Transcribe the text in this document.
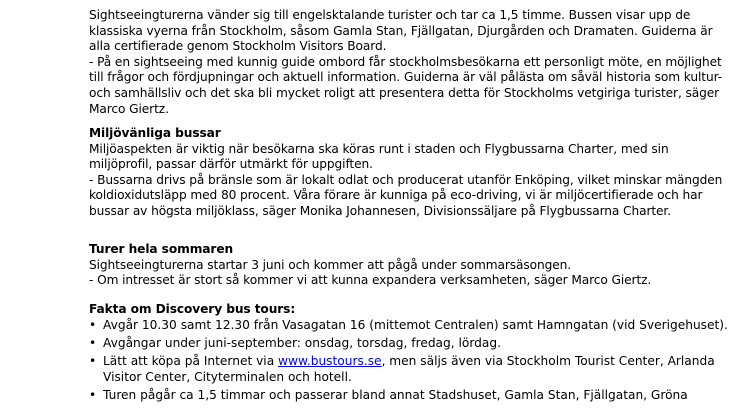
Sightseeingturerna vänder sig till engelsktalande turister och tar ca 1,5 timme. Bussen visar upp de klassiska vyerna från Stockholm, såsom Gamla Stan, Fjällgatan, Djurgården och Dramaten. Guiderna är alla certifierade genom Stockholm Visitors Board.

- På en sightseeing med kunnig guide ombord får stockholmsbesökarna ett personligt möte, en möjlighet till frågor och fördjupningar och aktuell information. Guiderna är väl pålästa om såväl historia som kultur- och samhällsliv och det ska bli mycket roligt att presentera detta för Stockholms vetgiriga turister, säger Marco Giertz.

Miljövänliga bussar

Miljöaspekten är viktig när besökarna ska köras runt i staden och Flygbussarna Charter, med sin miljöprofil, passar därför utmärkt för uppgiften.

- Bussarna drivs på bränsle som är lokalt odlat och producerat utanför Enköping, vilket minskar mängden koldioxidutsläpp med 80 procent. Våra förare är kunniga på eco-driving, vi är miljöcertifierade och har bussar av högsta miljöklass, säger Monika Johannesen, Divisionssäljare på Flygbussarna Charter.

Turer hela sommaren

Sightseeingturerna startar 3 juni och kommer att pågå under sommarsäsongen.

- Om intresset är stort så kommer vi att kunna expandera verksamheten, säger Marco Giertz.

Fakta om Discovery bus tours:
• Avgår 10.30 samt 12.30 från Vasagatan 16 (mittemot Centralen) samt Hamngatan (vid Sverigehuset).
• Avgångar under juni-september: onsdag, torsdag, fredag, lördag.
• Lätt att köpa på Internet via www.bustours.se, men säljs även via Stockholm Tourist Center, Arlanda Visitor Center, Cityterminalen och hotell.
• Turen pågår ca 1,5 timmar och passerar bland annat Stadshuset, Gamla Stan, Fjällgatan, Gröna
